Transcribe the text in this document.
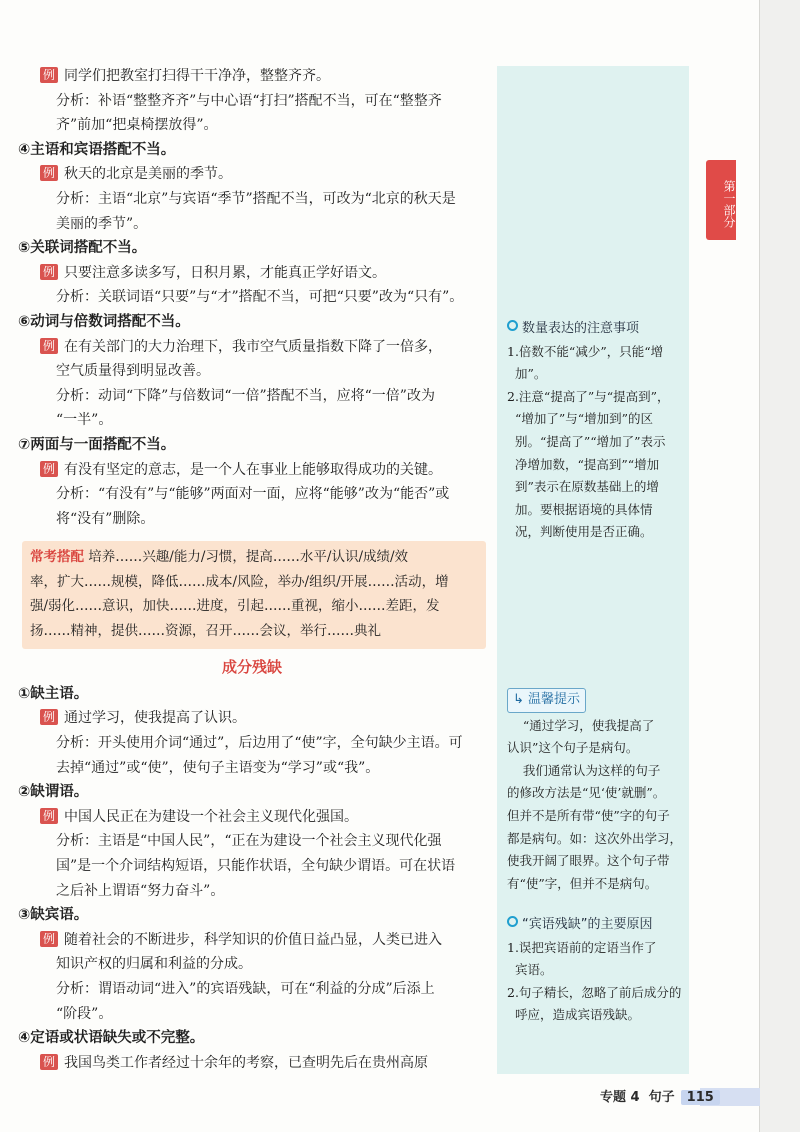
第一部分
例 同学们把教室打扫得干干净净，整整齐齐。
分析：补语“整整齐齐”与中心语“打扫”搭配不当，可在“整整齐
齐”前加“把桌椅摆放得”。
④主语和宾语搭配不当。
例 秋天的北京是美丽的季节。
分析：主语“北京”与宾语“季节”搭配不当，可改为“北京的秋天是
美丽的季节”。
⑤关联词搭配不当。
例 只要注意多读多写，日积月累，才能真正学好语文。
分析：关联词语“只要”与“才”搭配不当，可把“只要”改为“只有”。
⑥动词与倍数词搭配不当。
例 在有关部门的大力治理下，我市空气质量指数下降了一倍多，
空气质量得到明显改善。
分析：动词“下降”与倍数词“一倍”搭配不当，应将“一倍”改为
“一半”。
⑦两面与一面搭配不当。
例 有没有坚定的意志，是一个人在事业上能够取得成功的关键。
分析：“有没有”与“能够”两面对一面，应将“能够”改为“能否”或
将“没有”删除。
常考搭配 培养……兴趣/能力/习惯，提高……水平/认识/成绩/效
率，扩大……规模，降低……成本/风险，举办/组织/开展……活动，增
强/弱化……意识，加快……进度，引起……重视，缩小……差距，发
扬……精神，提供……资源，召开……会议，举行……典礼
成分残缺
①缺主语。
例 通过学习，使我提高了认识。
分析：开头使用介词“通过”，后边用了“使”字，全句缺少主语。可
去掉“通过”或“使”，使句子主语变为“学习”或“我”。
②缺谓语。
例 中国人民正在为建设一个社会主义现代化强国。
分析：主语是“中国人民”，“正在为建设一个社会主义现代化强
国”是一个介词结构短语，只能作状语，全句缺少谓语。可在状语
之后补上谓语“努力奋斗”。
③缺宾语。
例 随着社会的不断进步，科学知识的价值日益凸显，人类已进入
知识产权的归属和利益的分成。
分析：谓语动词“进入”的宾语残缺，可在“利益的分成”后添上
“阶段”。
④定语或状语缺失或不完整。
例 我国鸟类工作者经过十余年的考察，已查明先后在贵州高原
数量表达的注意事项
1.倍数不能“减少”，只能“增
加”。
2.注意“提高了”与“提高到”，
“增加了”与“增加到”的区
别。“提高了”“增加了”表示
净增加数，“提高到”“增加
到”表示在原数基础上的增
加。要根据语境的具体情
况，判断使用是否正确。
↳ 温馨提示
“通过学习，使我提高了
认识”这个句子是病句。
我们通常认为这样的句子
的修改方法是“见‘使’就删”。
但并不是所有带“使”字的句子
都是病句。如：这次外出学习，
使我开阔了眼界。这个句子带
有“使”字，但并不是病句。
“宾语残缺”的主要原因
1.误把宾语前的定语当作了
宾语。
2.句子精长，忽略了前后成分的
呼应，造成宾语残缺。
专题 4 句子 115
